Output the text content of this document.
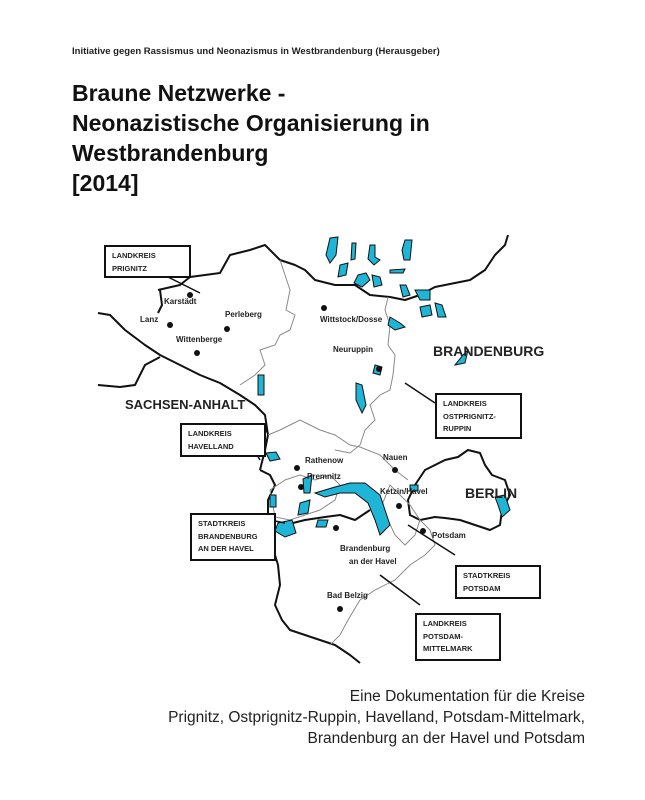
Initiative gegen Rassismus und Neonazismus in Westbrandenburg (Herausgeber)
Braune Netzwerke -
Neonazistische Organisierung in
Westbrandenburg
[2014]
BRANDENBURG
SACHSEN-ANHALT
BERLIN
LANDKREIS
PRIGNITZ
LANDKREIS
OSTPRIGNITZ-
RUPPIN
LANDKREIS
HAVELLAND
STADTKREIS
BRANDENBURG
AN DER HAVEL
STADTKREIS
POTSDAM
LANDKREIS
POTSDAM-
MITTELMARK
Karstädt
Lanz
Perleberg
Wittenberge
Wittstock/Dosse
Neuruppin
Rathenow
Premnitz
Nauen
Ketzin/Havel
Potsdam
Brandenburg
an der Havel
Bad Belzig
Eine Dokumentation für die Kreise
Prignitz, Ostprignitz-Ruppin, Havelland, Potsdam-Mittelmark,
Brandenburg an der Havel und Potsdam
